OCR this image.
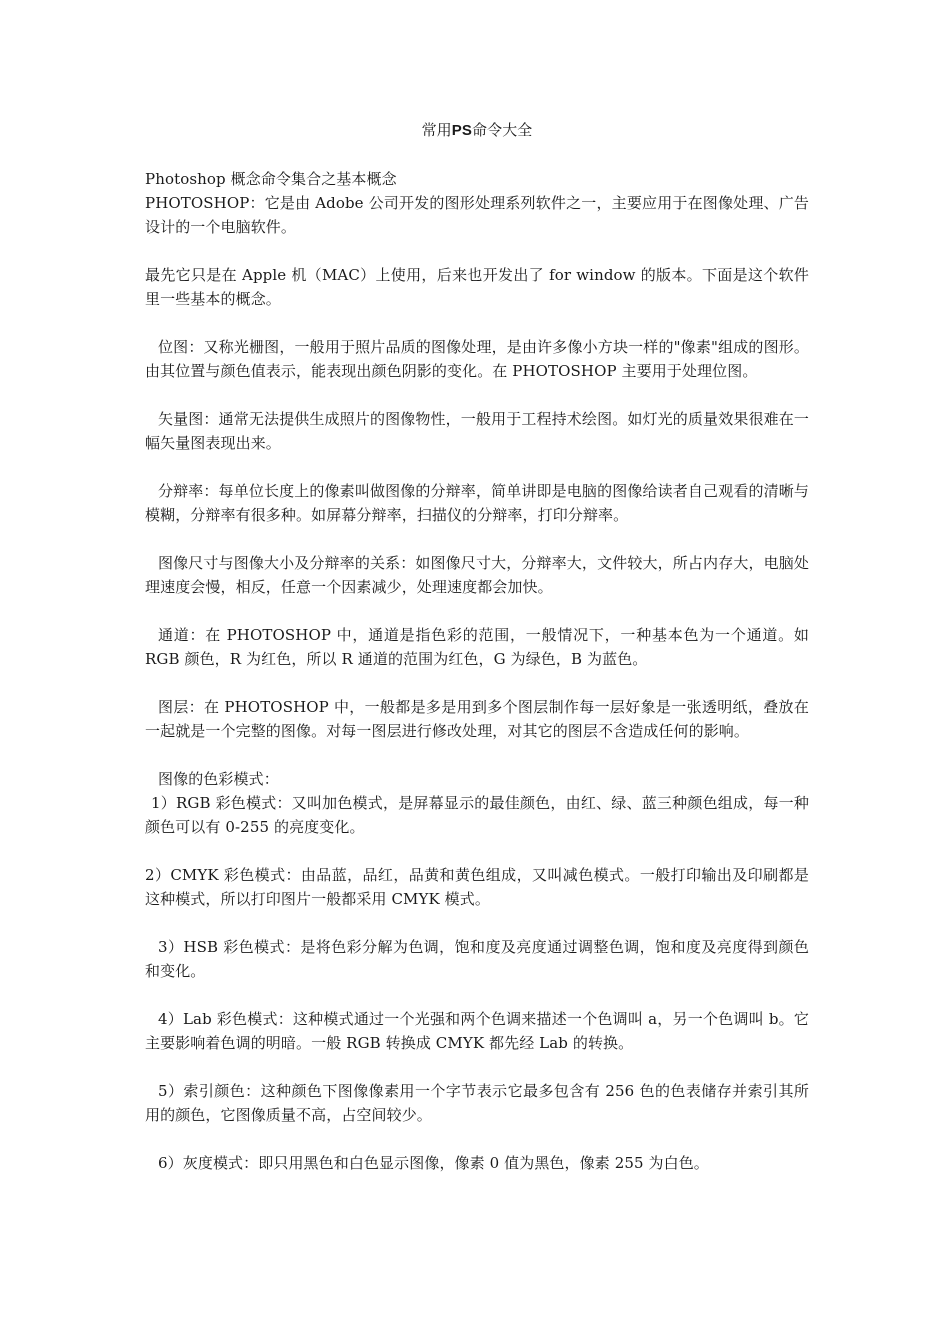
常用PS命令大全

Photoshop 概念命令集合之基本概念

PHOTOSHOP：它是由 Adobe 公司开发的图形处理系列软件之一，主要应用于在图像处理、广告设计的一个电脑软件。

最先它只是在 Apple 机（MAC）上使用，后来也开发出了 for window 的版本。下面是这个软件里一些基本的概念。

位图：又称光栅图，一般用于照片品质的图像处理，是由许多像小方块一样的"像素"组成的图形。由其位置与颜色值表示，能表现出颜色阴影的变化。在 PHOTOSHOP 主要用于处理位图。

矢量图：通常无法提供生成照片的图像物性，一般用于工程持术绘图。如灯光的质量效果很难在一幅矢量图表现出来。

分辩率：每单位长度上的像素叫做图像的分辩率，简单讲即是电脑的图像给读者自己观看的清晰与模糊，分辩率有很多种。如屏幕分辩率，扫描仪的分辩率，打印分辩率。

图像尺寸与图像大小及分辩率的关系：如图像尺寸大，分辩率大，文件较大，所占内存大，电脑处理速度会慢，相反，任意一个因素减少，处理速度都会加快。

通道：在 PHOTOSHOP 中，通道是指色彩的范围，一般情况下，一种基本色为一个通道。如 RGB 颜色，R 为红色，所以 R 通道的范围为红色，G 为绿色，B 为蓝色。

图层：在 PHOTOSHOP 中，一般都是多是用到多个图层制作每一层好象是一张透明纸，叠放在一起就是一个完整的图像。对每一图层进行修改处理，对其它的图层不含造成任何的影响。

图像的色彩模式：

1）RGB 彩色模式：又叫加色模式，是屏幕显示的最佳颜色，由红、绿、蓝三种颜色组成，每一种颜色可以有 0-255 的亮度变化。

2）CMYK 彩色模式：由品蓝，品红，品黄和黄色组成，又叫减色模式。一般打印输出及印刷都是这种模式，所以打印图片一般都采用 CMYK 模式。

3）HSB 彩色模式：是将色彩分解为色调，饱和度及亮度通过调整色调，饱和度及亮度得到颜色和变化。

4）Lab 彩色模式：这种模式通过一个光强和两个色调来描述一个色调叫 a，另一个色调叫 b。它主要影响着色调的明暗。一般 RGB 转换成 CMYK 都先经 Lab 的转换。

5）索引颜色：这种颜色下图像像素用一个字节表示它最多包含有 256 色的色表储存并索引其所用的颜色，它图像质量不高，占空间较少。

6）灰度模式：即只用黑色和白色显示图像，像素 0 值为黑色，像素 255 为白色。
